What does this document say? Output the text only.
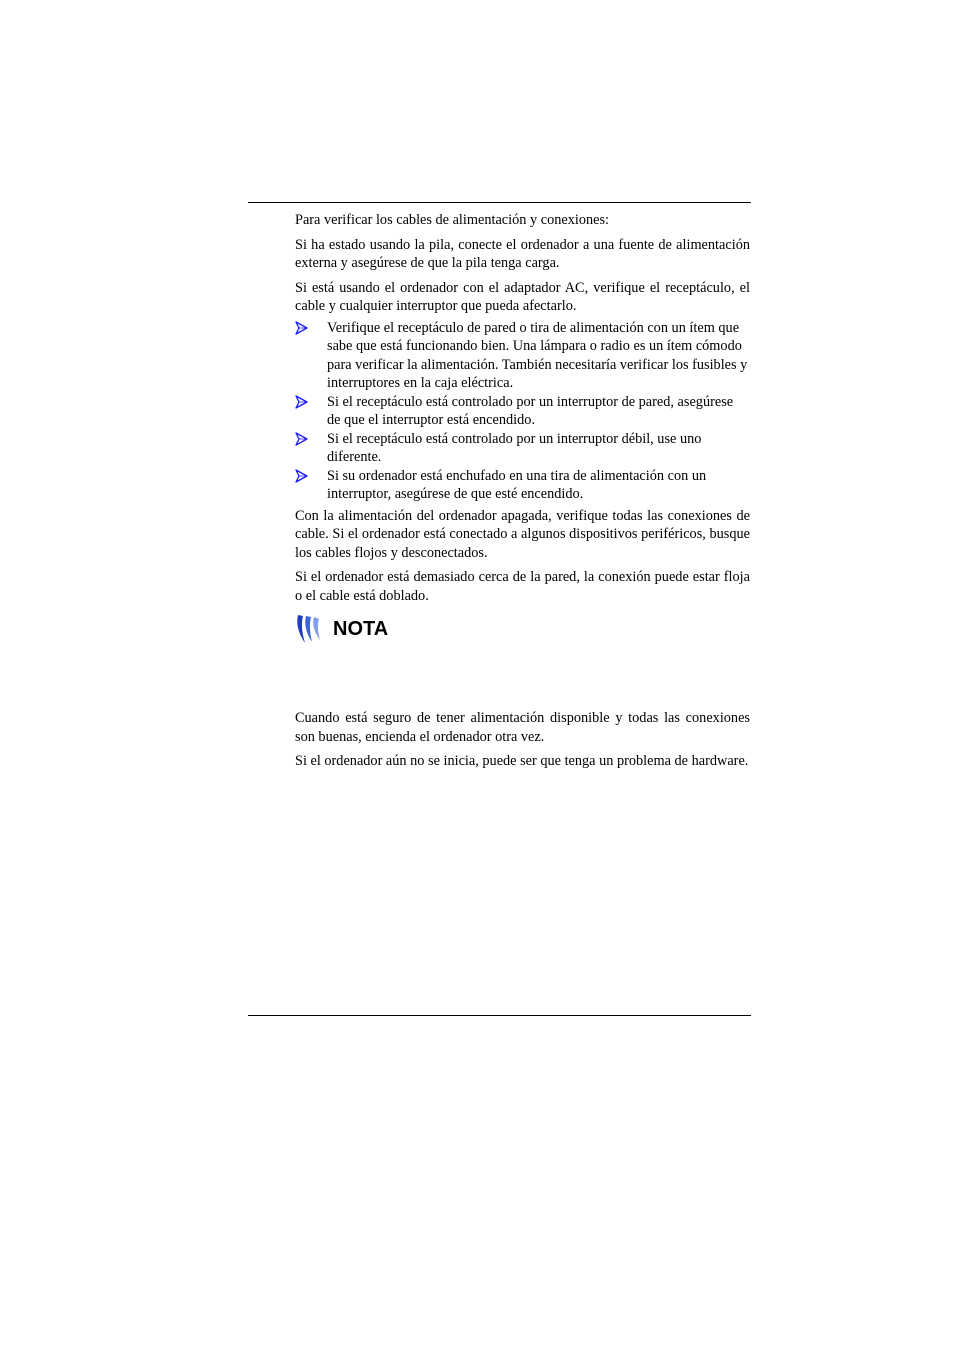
Para verificar los cables de alimentación y conexiones:

Si ha estado usando la pila, conecte el ordenador a una fuente de alimentación externa y asegúrese de que la pila tenga carga.

Si está usando el ordenador con el adaptador AC, verifique el receptáculo, el cable y cualquier interruptor que pueda afectarlo.

Verifique el receptáculo de pared o tira de alimentación con un ítem que sabe que está funcionando bien. Una lámpara o radio es un ítem cómodo para verificar la alimentación. También necesitaría verificar los fusibles y interruptores en la caja eléctrica.
Si el receptáculo está controlado por un interruptor de pared, asegúrese de que el interruptor está encendido.
Si el receptáculo está controlado por un interruptor débil, use uno diferente.
Si su ordenador está enchufado en una tira de alimentación con un interruptor, asegúrese de que esté encendido.

Con la alimentación del ordenador apagada, verifique todas las conexiones de cable. Si el ordenador está conectado a algunos dispositivos periféricos, busque los cables flojos y desconectados.

Si el ordenador está demasiado cerca de la pared, la conexión puede estar floja o el cable está doblado.

NOTA

Cuando está seguro de tener alimentación disponible y todas las conexiones son buenas, encienda el ordenador otra vez.

Si el ordenador aún no se inicia, puede ser que tenga un problema de hardware.
